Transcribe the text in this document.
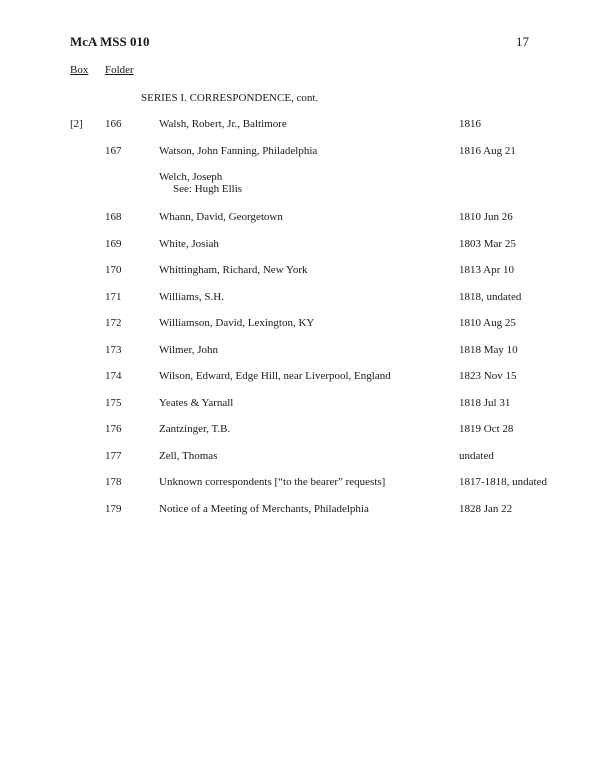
McA MSS 010	17
Box Folder
SERIES I. CORRESPONDENCE, cont.
[2] 166	Walsh, Robert, Jr., Baltimore	1816
167	Watson, John Fanning, Philadelphia	1816 Aug 21
Welch, Joseph
See: Hugh Ellis
168	Whann, David, Georgetown	1810 Jun 26
169	White, Josiah	1803 Mar 25
170	Whittingham, Richard, New York	1813 Apr 10
171	Williams, S.H.	1818, undated
172	Williamson, David, Lexington, KY	1810 Aug 25
173	Wilmer, John	1818 May 10
174	Wilson, Edward, Edge Hill, near Liverpool, England	1823 Nov 15
175	Yeates & Yarnall	1818 Jul 31
176	Zantzinger, T.B.	1819 Oct 28
177	Zell, Thomas	undated
178	Unknown correspondents [“to the bearer” requests]	1817-1818, undated
179	Notice of a Meeting of Merchants, Philadelphia	1828 Jan 22
